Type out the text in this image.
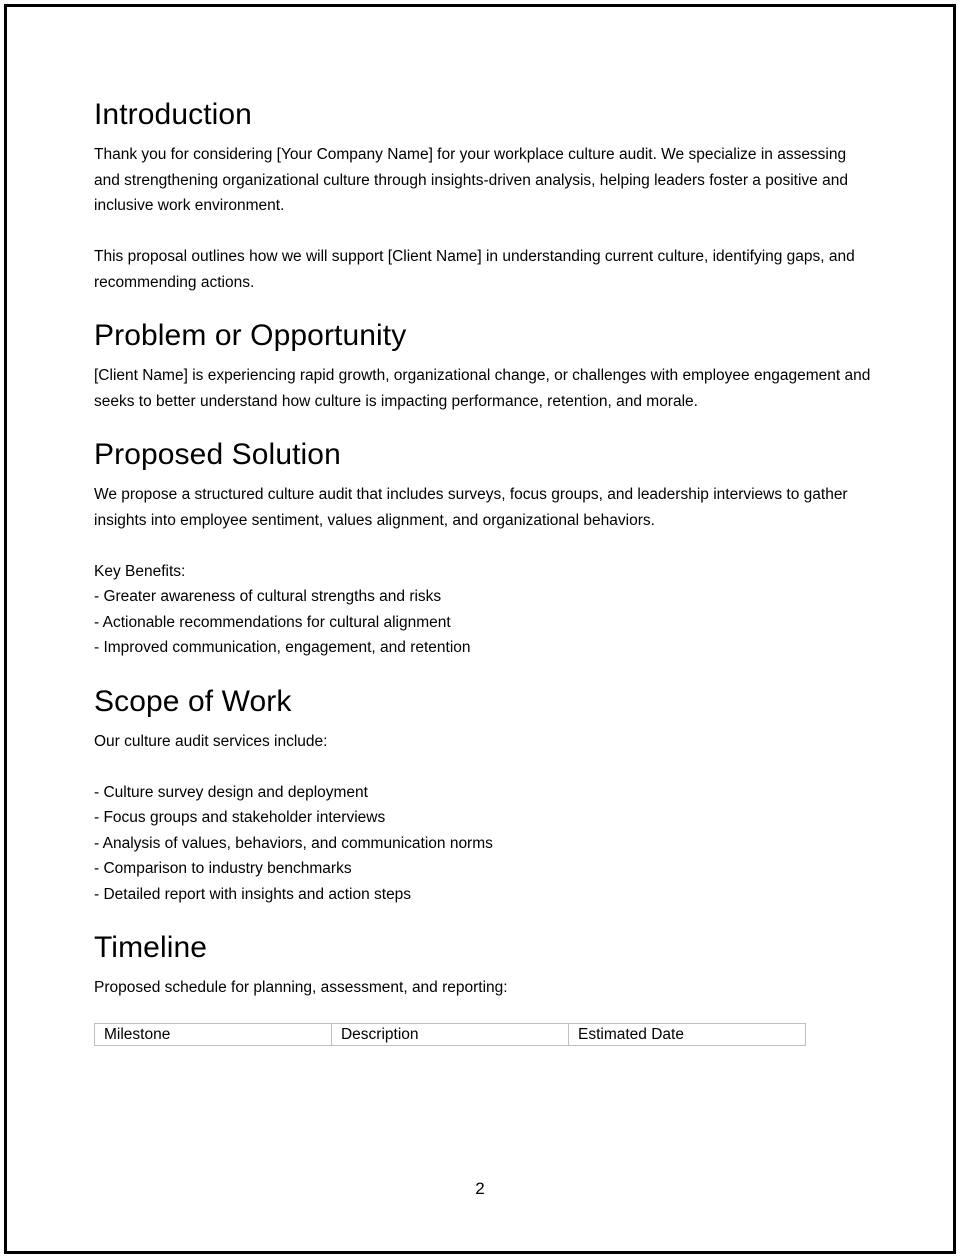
Introduction

Thank you for considering [Your Company Name] for your workplace culture audit. We specialize in assessing and strengthening organizational culture through insights-driven analysis, helping leaders foster a positive and inclusive work environment.

This proposal outlines how we will support [Client Name] in understanding current culture, identifying gaps, and recommending actions.

Problem or Opportunity

[Client Name] is experiencing rapid growth, organizational change, or challenges with employee engagement and seeks to better understand how culture is impacting performance, retention, and morale.

Proposed Solution

We propose a structured culture audit that includes surveys, focus groups, and leadership interviews to gather insights into employee sentiment, values alignment, and organizational behaviors.

Key Benefits:

- Greater awareness of cultural strengths and risks
- Actionable recommendations for cultural alignment
- Improved communication, engagement, and retention
Scope of Work

Our culture audit services include:

- Culture survey design and deployment
- Focus groups and stakeholder interviews
- Analysis of values, behaviors, and communication norms
- Comparison to industry benchmarks
- Detailed report with insights and action steps
Timeline

Proposed schedule for planning, assessment, and reporting:

Milestone	Description	Estimated Date
2
